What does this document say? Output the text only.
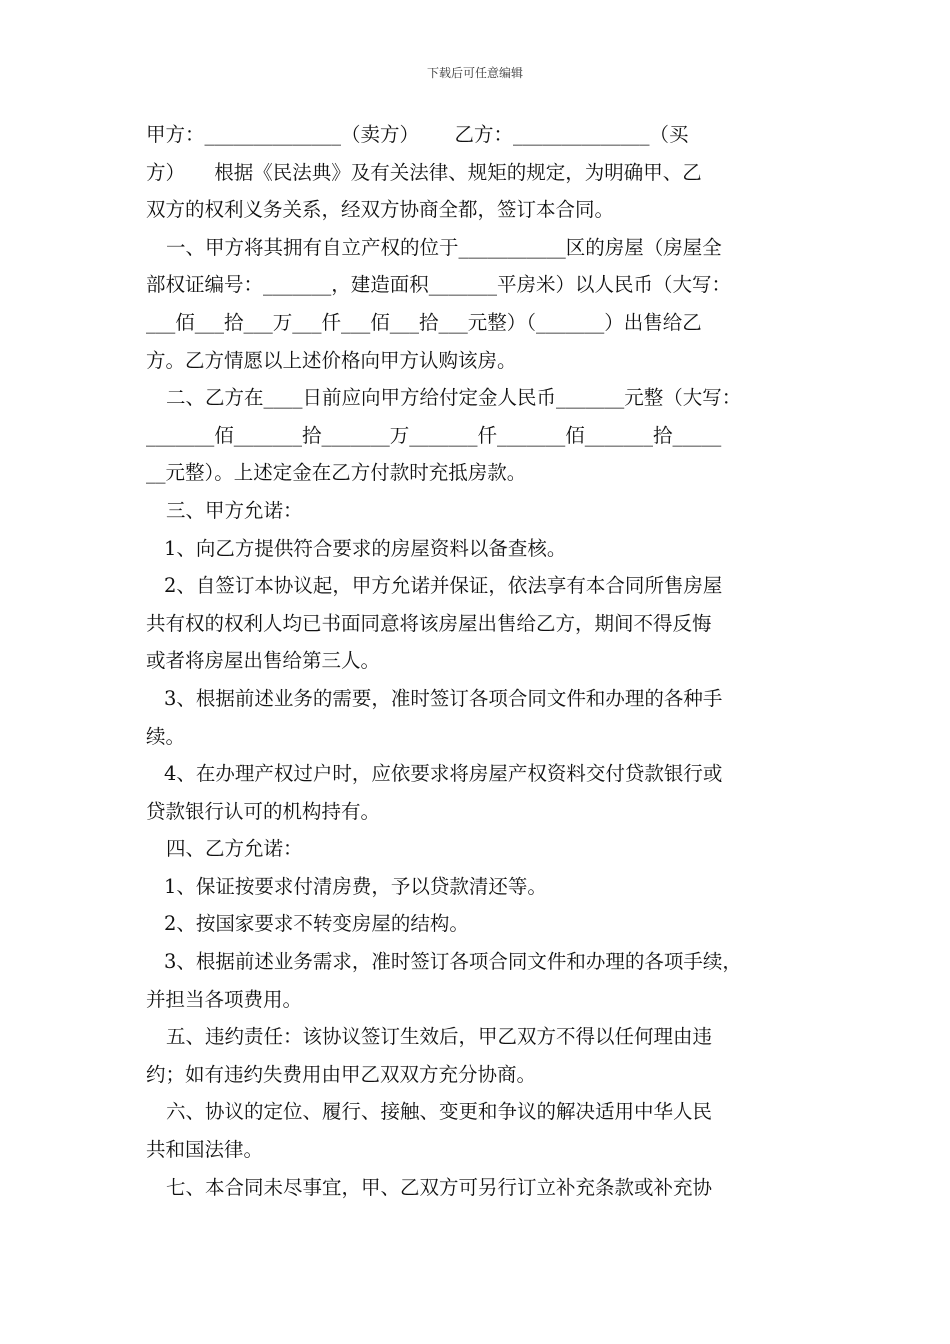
下载后可任意编辑

甲方：______________（卖方）　　 乙方：______________（买

方）　　根据《民法典》及有关法律、规矩的规定，为明确甲、乙

双方的权利义务关系，经双方协商全都，签订本合同。

一、甲方将其拥有自立产权的位于___________区的房屋（房屋全

部权证编号：_______，建造面积_______平房米）以人民币（大写：

___佰___拾___万___仟___佰___拾___元整）（_______）出售给乙

方。乙方情愿以上述价格向甲方认购该房。

二、乙方在____日前应向甲方给付定金人民币_______元整（大写：

_______佰_______拾_______万_______仟_______佰_______拾_____

__元整）。上述定金在乙方付款时充抵房款。

三、甲方允诺：

1、向乙方提供符合要求的房屋资料以备查核。

2、自签订本协议起，甲方允诺并保证，依法享有本合同所售房屋

共有权的权利人均已书面同意将该房屋出售给乙方，期间不得反悔

或者将房屋出售给第三人。

3、根据前述业务的需要，准时签订各项合同文件和办理的各种手

续。

4、在办理产权过户时，应依要求将房屋产权资料交付贷款银行或

贷款银行认可的机构持有。

四、乙方允诺：

1、保证按要求付清房费，予以贷款清还等。

2、按国家要求不转变房屋的结构。

3、根据前述业务需求，准时签订各项合同文件和办理的各项手续，

并担当各项费用。

五、违约责任：该协议签订生效后，甲乙双方不得以任何理由违

约；如有违约失费用由甲乙双双方充分协商。

六、协议的定位、履行、接触、变更和争议的解决适用中华人民

共和国法律。

七、本合同未尽事宜，甲、乙双方可另行订立补充条款或补充协
